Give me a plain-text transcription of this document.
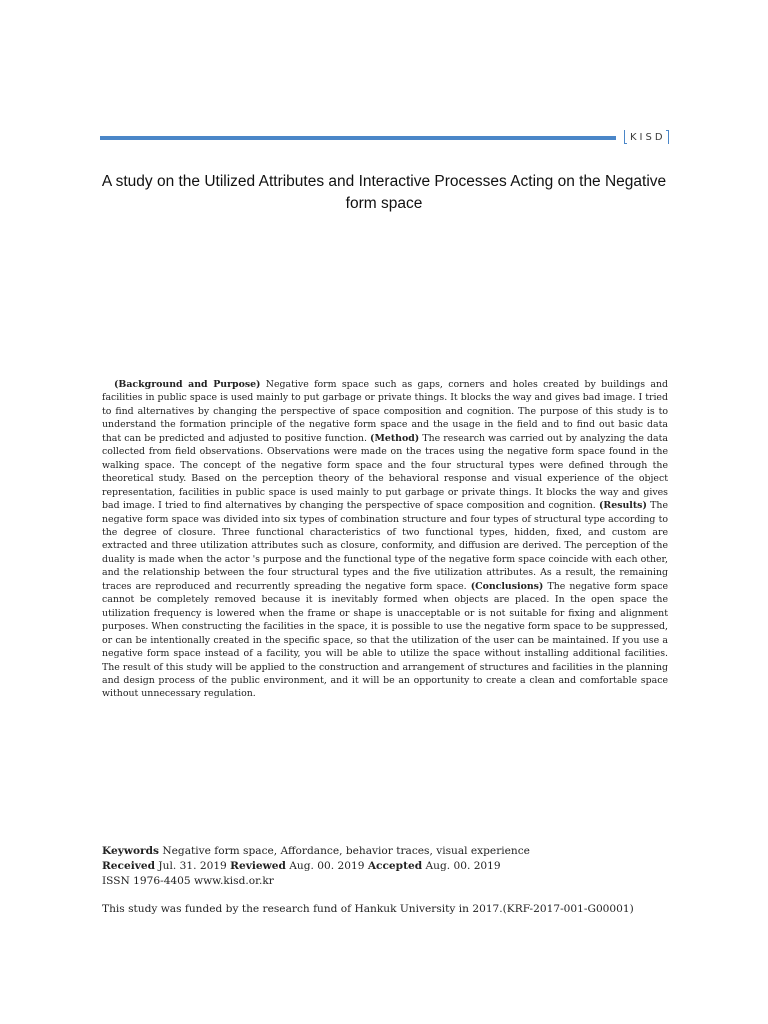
KISD
A study on the Utilized Attributes and Interactive Processes Acting on the Negative form space

(Background and Purpose) Negative form space such as gaps, corners and holes created by buildings and facilities in public space is used mainly to put garbage or private things. It blocks the way and gives bad image. I tried to find alternatives by changing the perspective of space composition and cognition. The purpose of this study is to understand the formation principle of the negative form space and the usage in the field and to find out basic data that can be predicted and adjusted to positive function. (Method) The research was carried out by analyzing the data collected from field observations. Observations were made on the traces using the negative form space found in the walking space. The concept of the negative form space and the four structural types were defined through the theoretical study. Based on the perception theory of the behavioral response and visual experience of the object representation, facilities in public space is used mainly to put garbage or private things. It blocks the way and gives bad image. I tried to find alternatives by changing the perspective of space composition and cognition. (Results) The negative form space was divided into six types of combination structure and four types of structural type according to the degree of closure. Three functional characteristics of two functional types, hidden, fixed, and custom are extracted and three utilization attributes such as closure, conformity, and diffusion are derived. The perception of the duality is made when the actor 's purpose and the functional type of the negative form space coincide with each other, and the relationship between the four structural types and the five utilization attributes. As a result, the remaining traces are reproduced and recurrently spreading the negative form space. (Conclusions) The negative form space cannot be completely removed because it is inevitably formed when objects are placed. In the open space the utilization frequency is lowered when the frame or shape is unacceptable or is not suitable for fixing and alignment purposes. When constructing the facilities in the space, it is possible to use the negative form space to be suppressed, or can be intentionally created in the specific space, so that the utilization of the user can be maintained. If you use a negative form space instead of a facility, you will be able to utilize the space without installing additional facilities. The result of this study will be applied to the construction and arrangement of structures and facilities in the planning and design process of the public environment, and it will be an opportunity to create a clean and comfortable space without unnecessary regulation.

Keywords Negative form space, Affordance, behavior traces, visual experience
Received Jul. 31. 2019 Reviewed Aug. 00. 2019 Accepted Aug. 00. 2019
ISSN 1976-4405 www.kisd.or.kr
This study was funded by the research fund of Hankuk University in 2017.(KRF-2017-001-G00001)
